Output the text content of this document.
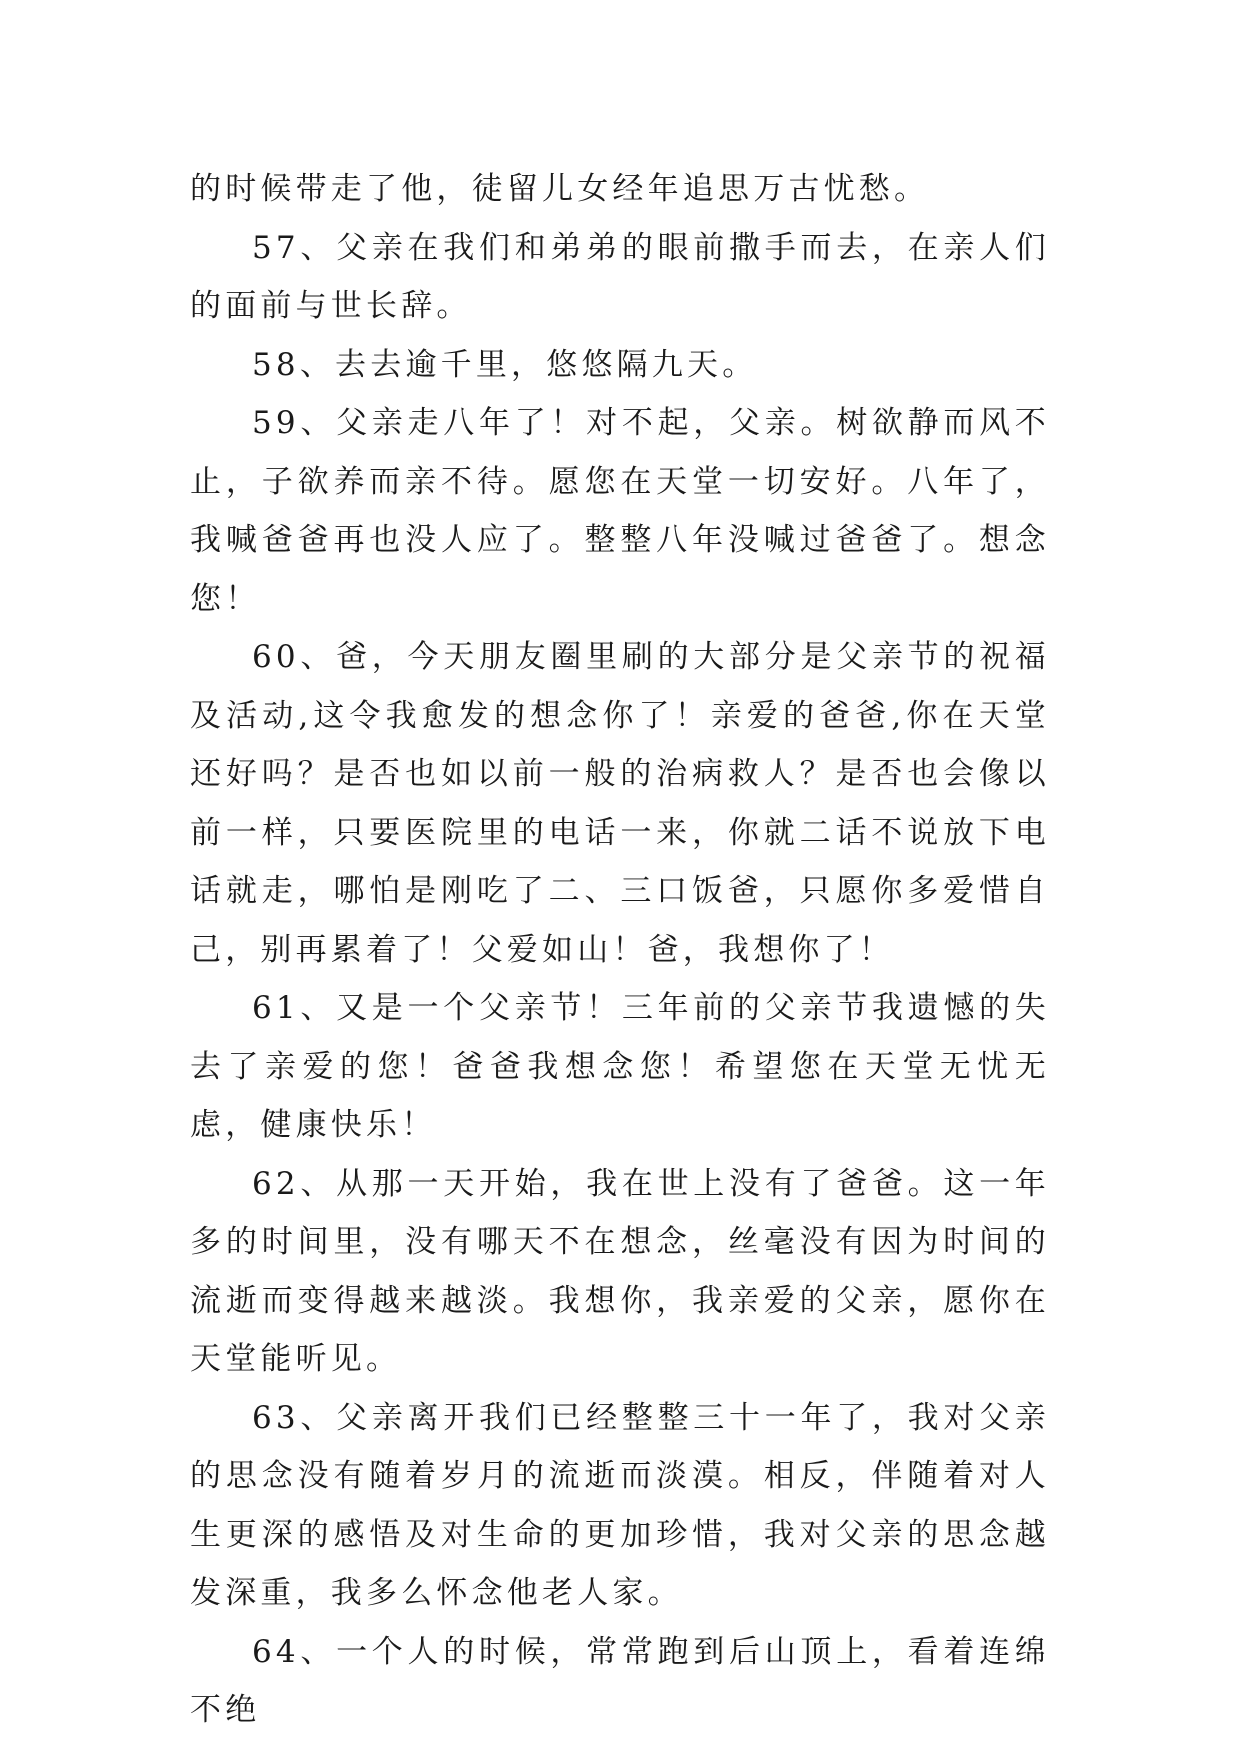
的时候带走了他，徒留儿女经年追思万古忧愁。

57、父亲在我们和弟弟的眼前撒手而去，在亲人们的面前与世长辞。

58、去去逾千里，悠悠隔九天。

59、父亲走八年了！对不起，父亲。树欲静而风不止，子欲养而亲不待。愿您在天堂一切安好。八年了，我喊爸爸再也没人应了。整整八年没喊过爸爸了。想念您！

60、爸，今天朋友圈里刷的大部分是父亲节的祝福及活动,这令我愈发的想念你了！亲爱的爸爸,你在天堂还好吗？是否也如以前一般的治病救人？是否也会像以前一样，只要医院里的电话一来，你就二话不说放下电话就走，哪怕是刚吃了二、三口饭爸，只愿你多爱惜自己，别再累着了！父爱如山！爸，我想你了！

61、又是一个父亲节！三年前的父亲节我遗憾的失去了亲爱的您！爸爸我想念您！希望您在天堂无忧无虑，健康快乐！

62、从那一天开始，我在世上没有了爸爸。这一年多的时间里，没有哪天不在想念，丝毫没有因为时间的流逝而变得越来越淡。我想你，我亲爱的父亲，愿你在天堂能听见。

63、父亲离开我们已经整整三十一年了，我对父亲的思念没有随着岁月的流逝而淡漠。相反，伴随着对人生更深的感悟及对生命的更加珍惜，我对父亲的思念越发深重，我多么怀念他老人家。

64、一个人的时候，常常跑到后山顶上，看着连绵不绝
